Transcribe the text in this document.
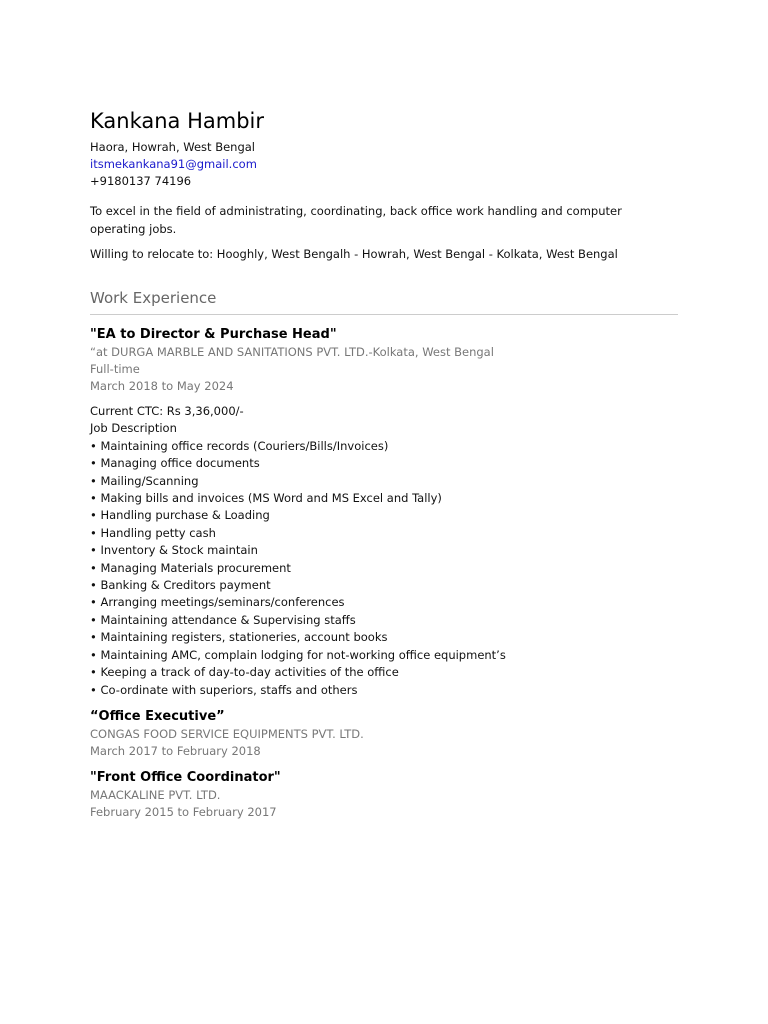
Kankana Hambir
Haora, Howrah, West Bengal
itsmekankana91@gmail.com
+9180137 74196
To excel in the field of administrating, coordinating, back office work handling and computer operating jobs.
Willing to relocate to: Hooghly, West Bengalh - Howrah, West Bengal - Kolkata, West Bengal
Work Experience
"EA to Director & Purchase Head"
“at DURGA MARBLE AND SANITATIONS PVT. LTD.-Kolkata, West Bengal
Full-time
March 2018 to May 2024
Current CTC: Rs 3,36,000/-
Job Description
• Maintaining office records (Couriers/Bills/Invoices)
• Managing office documents
• Mailing/Scanning
• Making bills and invoices (MS Word and MS Excel and Tally)
• Handling purchase & Loading
• Handling petty cash
• Inventory & Stock maintain
• Managing Materials procurement
• Banking & Creditors payment
• Arranging meetings/seminars/conferences
• Maintaining attendance & Supervising staffs
• Maintaining registers, stationeries, account books
• Maintaining AMC, complain lodging for not-working office equipment’s
• Keeping a track of day-to-day activities of the office
• Co-ordinate with superiors, staffs and others
“Office Executive”
CONGAS FOOD SERVICE EQUIPMENTS PVT. LTD.
March 2017 to February 2018
"Front Office Coordinator"
MAACKALINE PVT. LTD.
February 2015 to February 2017
